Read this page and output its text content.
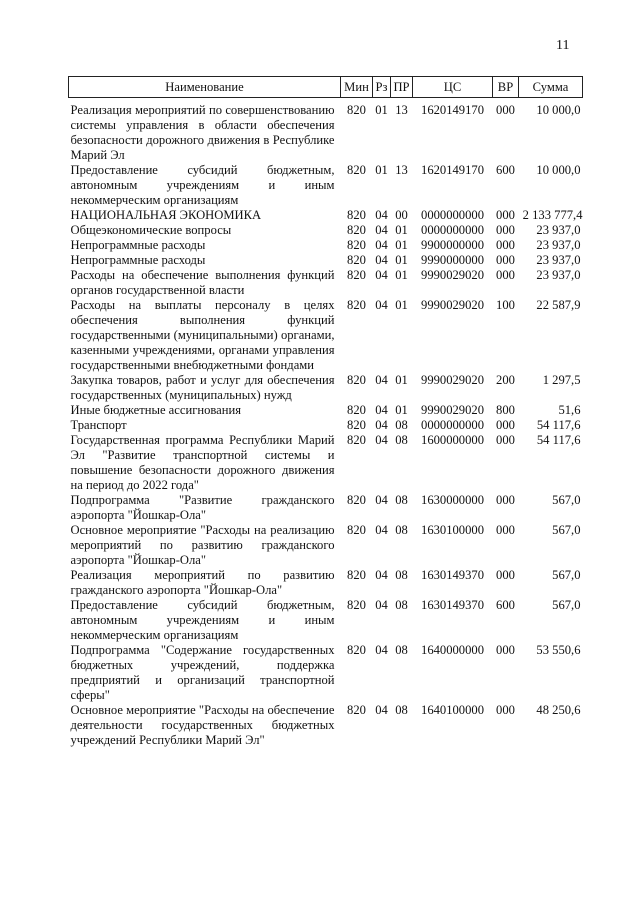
11
Наименование	Мин	Рз	ПР	ЦС	ВР	Сумма
Реализация мероприятий по совершенствованию системы управления в области обеспечения безопасности дорожного движения в Республике Марий Эл	820	01	13	1620149170	000	10 000,0
Предоставление субсидий бюджетным, автономным учреждениям и иным некоммерческим организациям	820	01	13	1620149170	600	10 000,0
НАЦИОНАЛЬНАЯ ЭКОНОМИКА	820	04	00	0000000000	000	2 133 777,4
Общеэкономические вопросы	820	04	01	0000000000	000	23 937,0
Непрограммные расходы	820	04	01	9900000000	000	23 937,0
Непрограммные расходы	820	04	01	9990000000	000	23 937,0
Расходы на обеспечение выполнения функций органов государственной власти	820	04	01	9990029020	000	23 937,0
Расходы на выплаты персоналу в целях обеспечения выполнения функций государственными (муниципальными) органами, казенными учреждениями, органами управления государственными внебюджетными фондами	820	04	01	9990029020	100	22 587,9
Закупка товаров, работ и услуг для обеспечения государственных (муниципальных) нужд	820	04	01	9990029020	200	1 297,5
Иные бюджетные ассигнования	820	04	01	9990029020	800	51,6
Транспорт	820	04	08	0000000000	000	54 117,6
Государственная программа Республики Марий Эл "Развитие транспортной системы и повышение безопасности дорожного движения на период до 2022 года"	820	04	08	1600000000	000	54 117,6
Подпрограмма "Развитие гражданского аэропорта "Йошкар-Ола"	820	04	08	1630000000	000	567,0
Основное мероприятие "Расходы на реализацию мероприятий по развитию гражданского аэропорта "Йошкар-Ола"	820	04	08	1630100000	000	567,0
Реализация мероприятий по развитию гражданского аэропорта "Йошкар-Ола"	820	04	08	1630149370	000	567,0
Предоставление субсидий бюджетным, автономным учреждениям и иным некоммерческим организациям	820	04	08	1630149370	600	567,0
Подпрограмма "Содержание государственных бюджетных учреждений, поддержка предприятий и организаций транспортной сферы"	820	04	08	1640000000	000	53 550,6
Основное мероприятие "Расходы на обеспечение деятельности государственных бюджетных учреждений Республики Марий Эл"	820	04	08	1640100000	000	48 250,6
